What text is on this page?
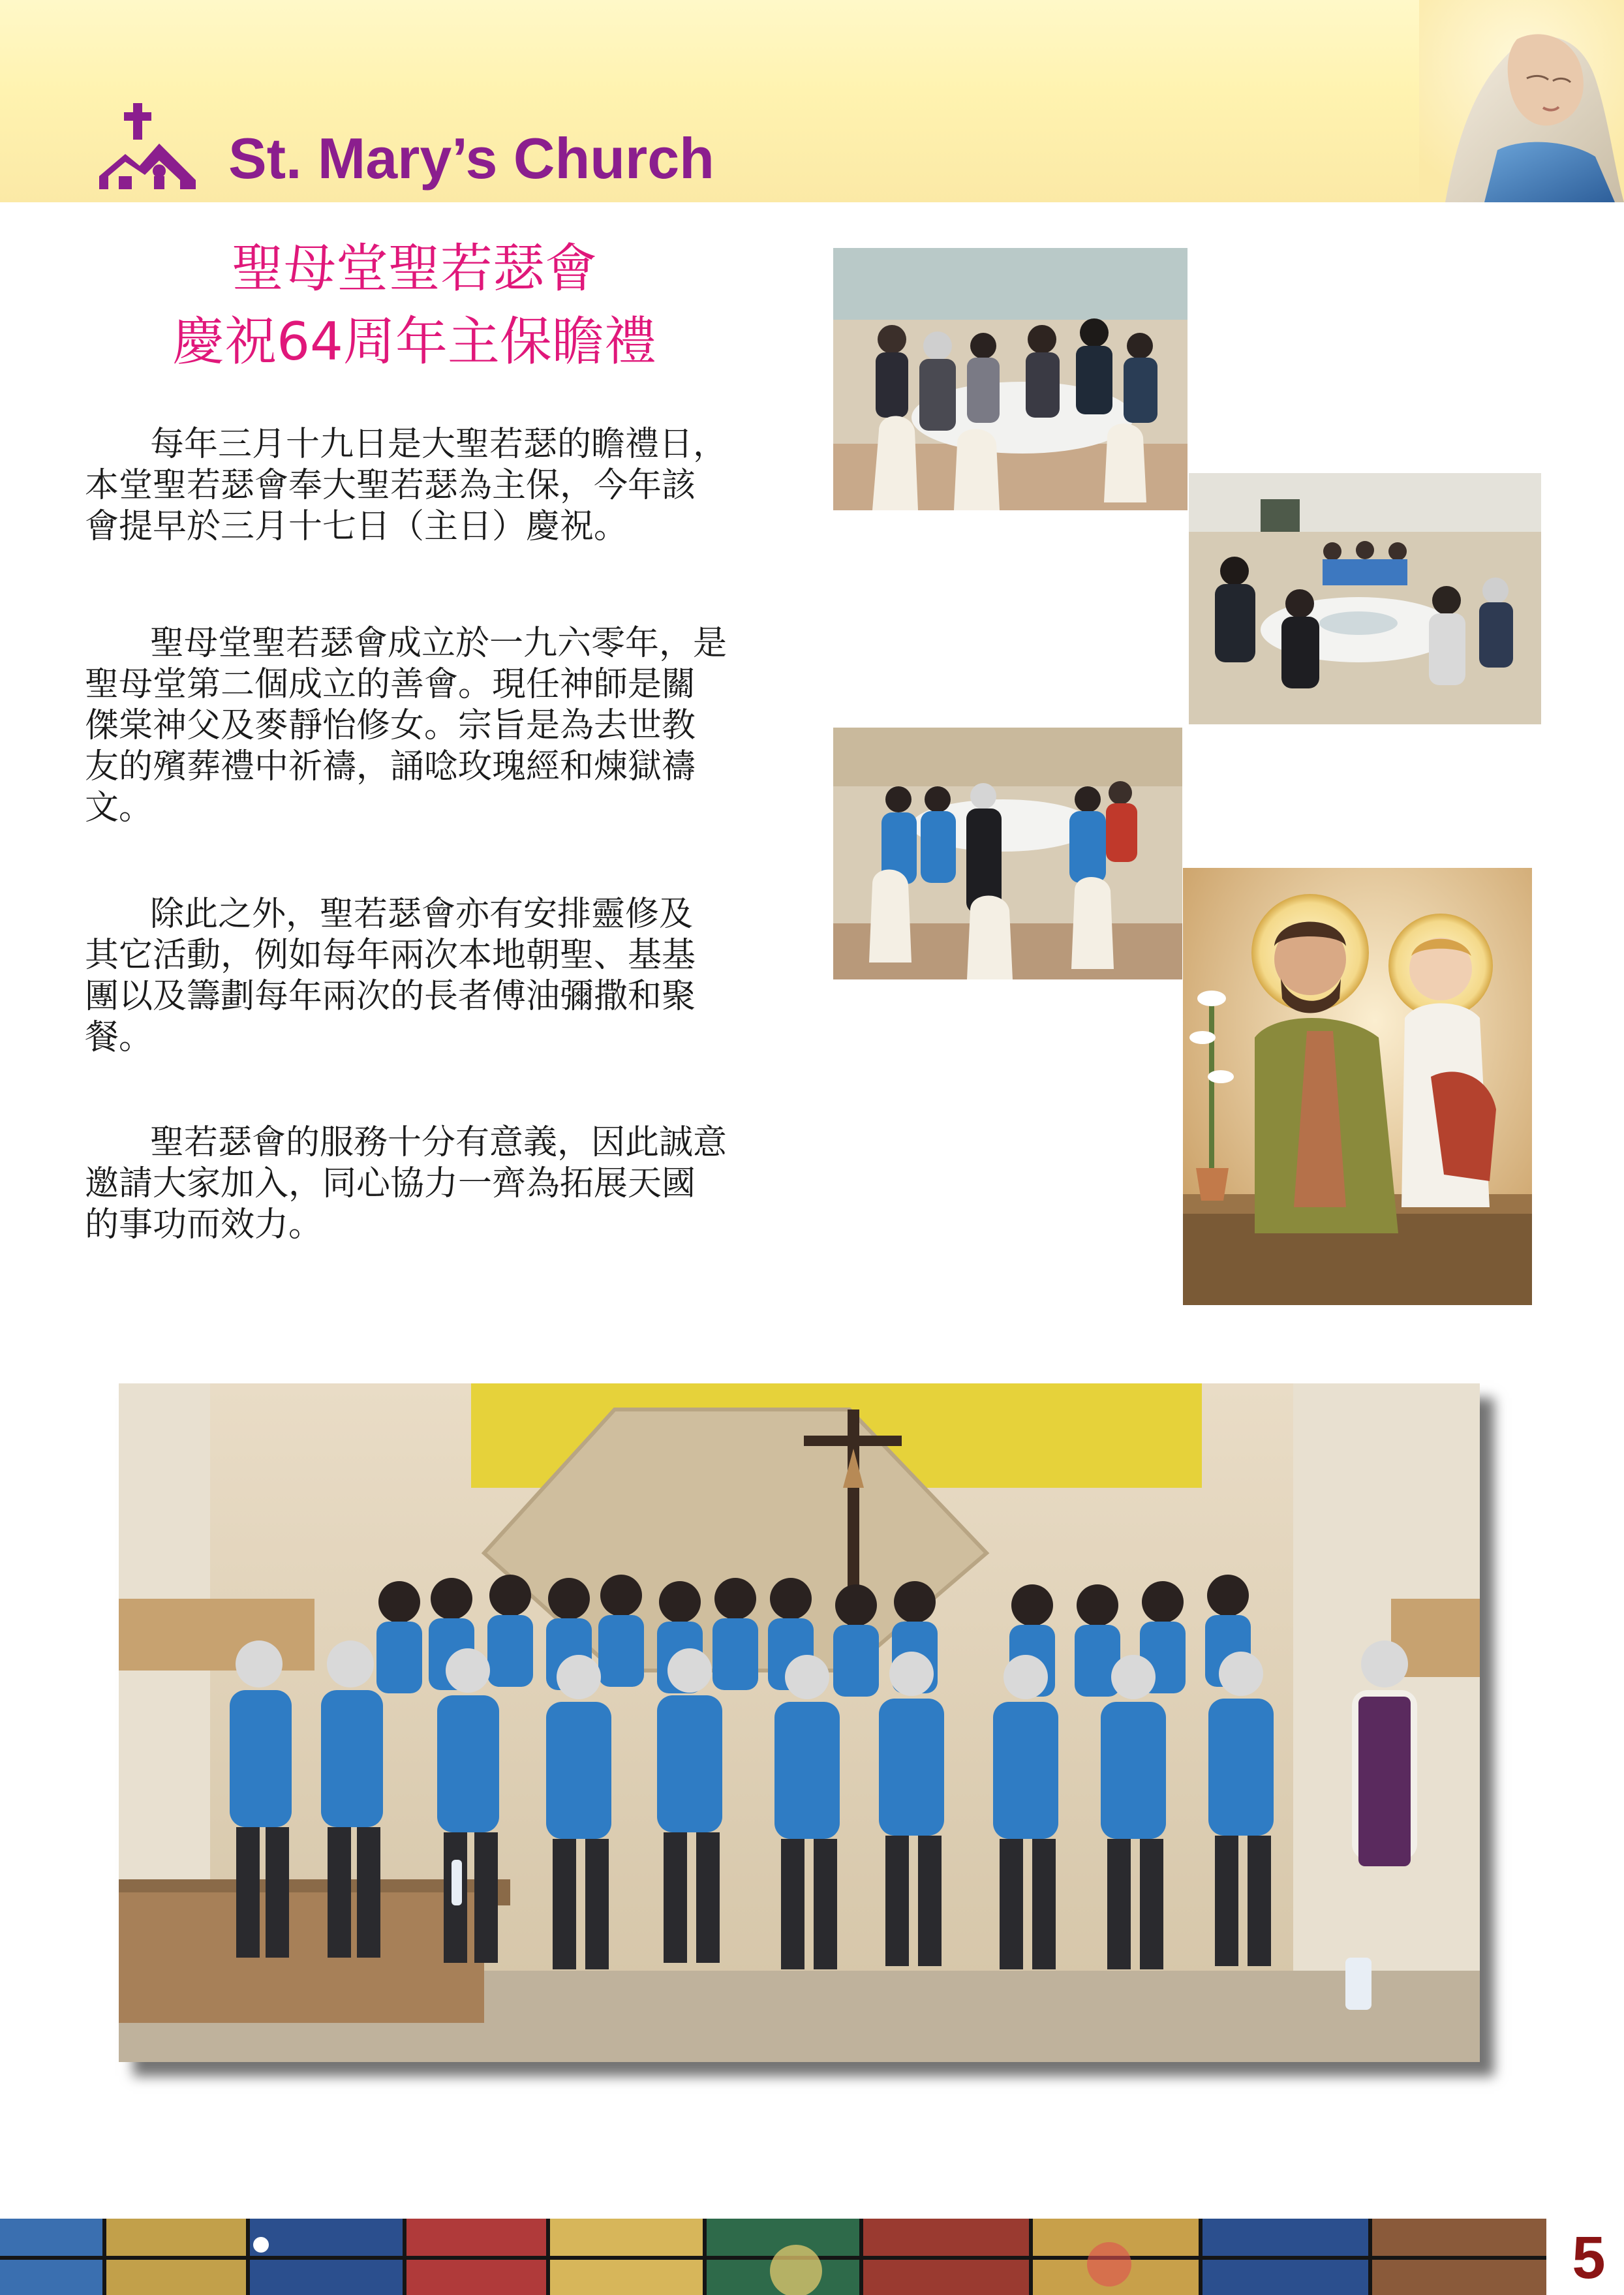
St. Mary’s Church
聖母堂聖若瑟會
慶祝64周年主保瞻禮
每年三月十九日是大聖若瑟的瞻禮日，
本堂聖若瑟會奉大聖若瑟為主保，今年該
會提早於三月十七日（主日）慶祝。
聖母堂聖若瑟會成立於一九六零年，是
聖母堂第二個成立的善會。現任神師是關
傑棠神父及麥靜怡修女。宗旨是為去世教
友的殯葬禮中祈禱，誦唸玫瑰經和煉獄禱
文。
除此之外，聖若瑟會亦有安排靈修及
其它活動，例如每年兩次本地朝聖、基基
團以及籌劃每年兩次的長者傅油彌撒和聚
餐。
聖若瑟會的服務十分有意義，因此誠意
邀請大家加入，同心協力一齊為拓展天國
的事功而效力。
5
